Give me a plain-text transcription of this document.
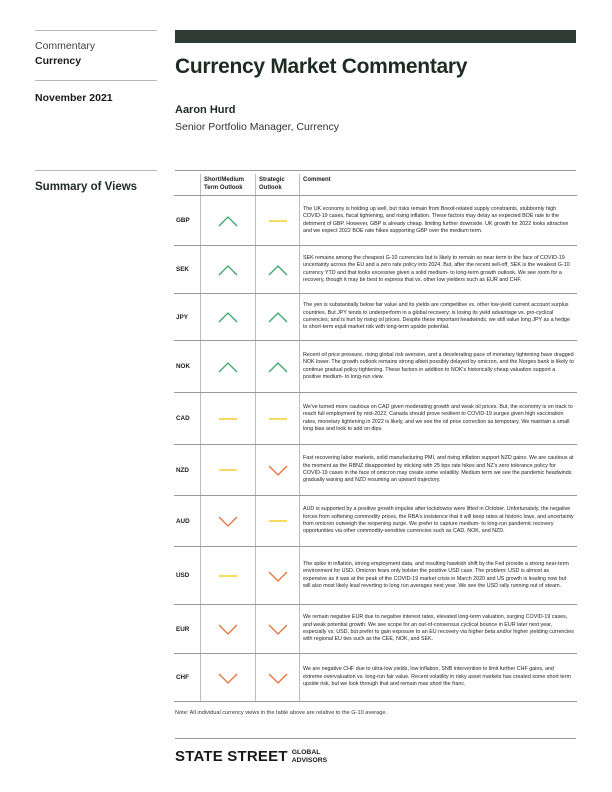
Commentary
Currency
November 2021
Summary of Views
Currency Market Commentary
Aaron Hurd
Senior Portfolio Manager, Currency
	Short/Medium Term Outlook	Strategic Outlook	Comment
GBP			The UK economy is holding up well, but risks remain from Brexit-related supply constraints, stubbornly high COVID-19 cases, fiscal tightening, and rising inflation. These factors may delay an expected BOE rate to the detriment of GBP. However, GBP is already cheap, limiting further downside. UK growth for 2022 looks attractive and we expect 2022 BOE rate hikes supporting GBP over the medium term.
SEK			SEK remains among the cheapest G-10 currencies but is likely to remain so near term in the face of COVID-19 uncertainty across the EU and a zero rate policy into 2024. But, after the recent sell-off, SEK is the weakest G-10 currency YTD and that looks excessive given a solid medium- to long-term growth outlook. We see room for a recovery, though it may be best to express that vs. other low yielders such as EUR and CHF.
JPY			The yen is substantially below fair value and its yields are competitive vs. other low-yield current account surplus countries. But JPY tends to underperform in a global recovery; is losing its yield advantage vs. pro-cyclical currencies; and is hurt by rising oil prices. Despite these important headwinds, we still value long JPY as a hedge to short-term equit market risk with long-term upside potential.
NOK			Recent oil price pressure, rising global risk aversion, and a decelerating pace of monetary tightening have dragged NOK lower. The growth outlook remains strong albeit possibly delayed by omicron, and the Norges bank is likely to continue gradual policy tightening. These factors in addition to NOK's historically cheap valuation support a positive medium- to long-run view.
CAD			We've turned more cautious on CAD given moderating growth and weak oil prices. But, the economy is on track to reach full employment by mid-2022, Canada should prove resilient to COVID-19 surges given high vaccination rates, monetary tightening in 2022 is likely, and we see the oil price correction as temporary. We maintain a small long bias and look to add on dips.
NZD			Fast recovering labor markets, solid manufacturing PMI, and rising inflation support NZD gains. We are cautious at the moment as the RBNZ disappointed by sticking with 25 bps rate hikes and NZ's zero tolerance policy for COVID-19 cases in the face of omicron may create some volatility. Medium term we see the pandemic headwinds gradually waning and NZD resuming an upward trajectory.
AUD			AUD is supported by a positive growth impulse after lockdowns were lifted in October. Unfortunately, the negative forces from softening commodity prices, the RBA's insistence that it will keep rates at historic lows, and uncertainty from omicron outweigh the reopening surge. We prefer to capture medium- to long-run pandemic recovery opportunities via other commodity-sensitive currencies such as CAD, NOK, and NZD.
USD			The spike in inflation, strong employment data, and resulting hawkish shift by the Fed provide a strong near-term environment for USD. Omicron fears only bolster the positive USD case. The problem: USD is almost as expensive as it was at the peak of the COVID-19 market crisis in March 2020 and US growth is leading now but will also most likely lead reverting to long run averages next year. We see the USD rally running out of steam.
EUR			We remain negative EUR due to negative interest rates, elevated long-term valuation, surging COVID-19 cases, and weak potential growth. We see scope for an out-of-consensus cyclical bounce in EUR later next year, especially vs. USD, but prefer to gain exposure to an EU recovery via higher beta and/or higher yielding currencies with regional EU ties such as the CEE, NOK, and SEK.
CHF			We are negative CHF due to ultra-low yields, low inflation, SNB intervention to limit further CHF gains, and extreme overvaluation vs. long-run fair value. Recent volatility in risky asset markets has created some short term upside risk, but we look through that and remain max short the franc.
Note: All individual currency views in the table above are relative to the G-10 average.
STATE STREET GLOBAL
ADVISORS
